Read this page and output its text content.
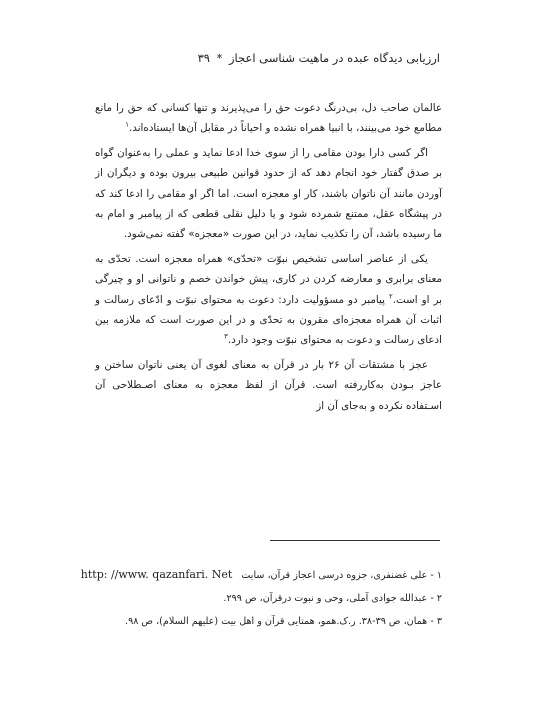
ارزیابی دیدگاه عبده در ماهیت شناسی اعجاز * ۳۹

عالمان صاحب دل، بی‌درنگ دعوت حق را می‌پذیرند و تنها کسانی که حق را مانع مطامع خود می‌بینند، با انبیا همراه نشده و احیاناً در مقابل آن‌ها ایستاده‌اند.$^۱$

اگر کسی دارا بودن مقامی را از سوی خدا ادعا نماید و عملی را به‌عنوان گواه بر صدق گفتار خود انجام دهد که از حدود قوانین طبیعی بیرون بوده و دیگران از آوردن مانند آن ناتوان باشند، کار او معجزه است. اما اگر او مقامی را ادعا کند که در پیشگاه عقل، ممتنع شمرده شود و یا دلیل نقلی قطعی که از پیامبر و امام به ما رسیده باشد، آن را تکذیب نماید، در این صورت «معجزه» گفته نمی‌شود.

یکی از عناصر اساسی تشخیص نبوّت «تحدّی» همراه معجزه است. تحدّی به معنای برابری و معارضه کردن در کاری، پیش خواندن خصم و ناتوانی او و چیرگی بر او است.$^۲$ پیامبر دو مسؤولیت دارد: دعوت به محتوای نبوّت و ادّعای رسالت و اثبات آن همراه معجزه‌ای مقرون به تحدّی و در این صورت است که ملازمه بین ادعای رسالت و دعوت به محتوای نبوّت وجود دارد.$^۳$

عجز با مشتقات آن ۲۶ بار در قرآن به معنای لغوی آن یعنی ناتوان ساختن و عاجز بـودن به‌کاررفته است. قرآن از لفظ معجزه به معنای اصـطلاحی آن اسـتفاده نکرده و به‌جای آن از

۱ - علی غضنفری، جزوه درسی اعجاز قرآن، سایت http: //www. qazanfari. Net
۲ - عبدالله جوادی آملی، وحی و نبوت درقرآن، ص ۲۹۹.
۳ - همان، ص ۳۹-۳۸. ر.ک.همو، همتایی قرآن و اهل بیت (علیهم السلام)، ص ۹۸.
